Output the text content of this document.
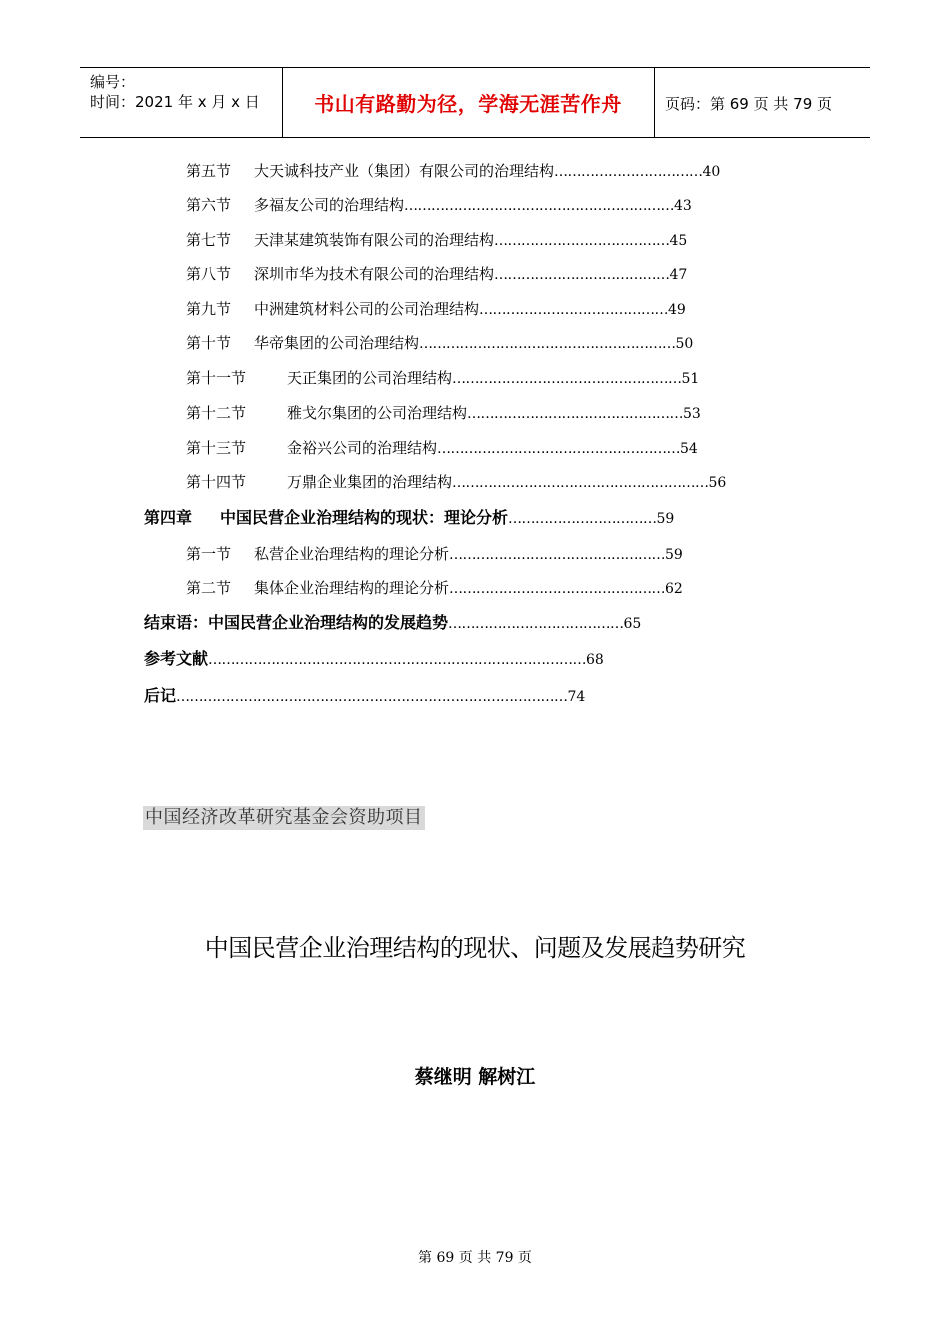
编号：
时间：2021 年 x 月 x 日	书山有路勤为径，学海无涯苦作舟	页码：第 69 页 共 79 页
第五节 大天诚科技产业（集团）有限公司的治理结构……………………………40
第六节 多福友公司的治理结构……………………………………………………43
第七节 天津某建筑装饰有限公司的治理结构…………………………………45
第八节 深圳市华为技术有限公司的治理结构…………………………………47
第九节 中洲建筑材料公司的公司治理结构……………………………………49
第十节 华帝集团的公司治理结构…………………………………………………50
第十一节	天正集团的公司治理结构……………………………………………51
第十二节	雅戈尔集团的公司治理结构…………………………………………53
第十三节	金裕兴公司的治理结构………………………………………………54
第十四节	万鼎企业集团的治理结构…………………………………………………56
第四章 中国民营企业治理结构的现状：理论分析……………………………59
第一节 私营企业治理结构的理论分析…………………………………………59
第二节 集体企业治理结构的理论分析…………………………………………62
结束语：中国民营企业治理结构的发展趋势…………………………………65
参考文献…………………………………………………………………………68
后记……………………………………………………………………………74
中国经济改革研究基金会资助项目
中国民营企业治理结构的现状、问题及发展趋势研究
蔡继明 解树江
第 69 页 共 79 页
